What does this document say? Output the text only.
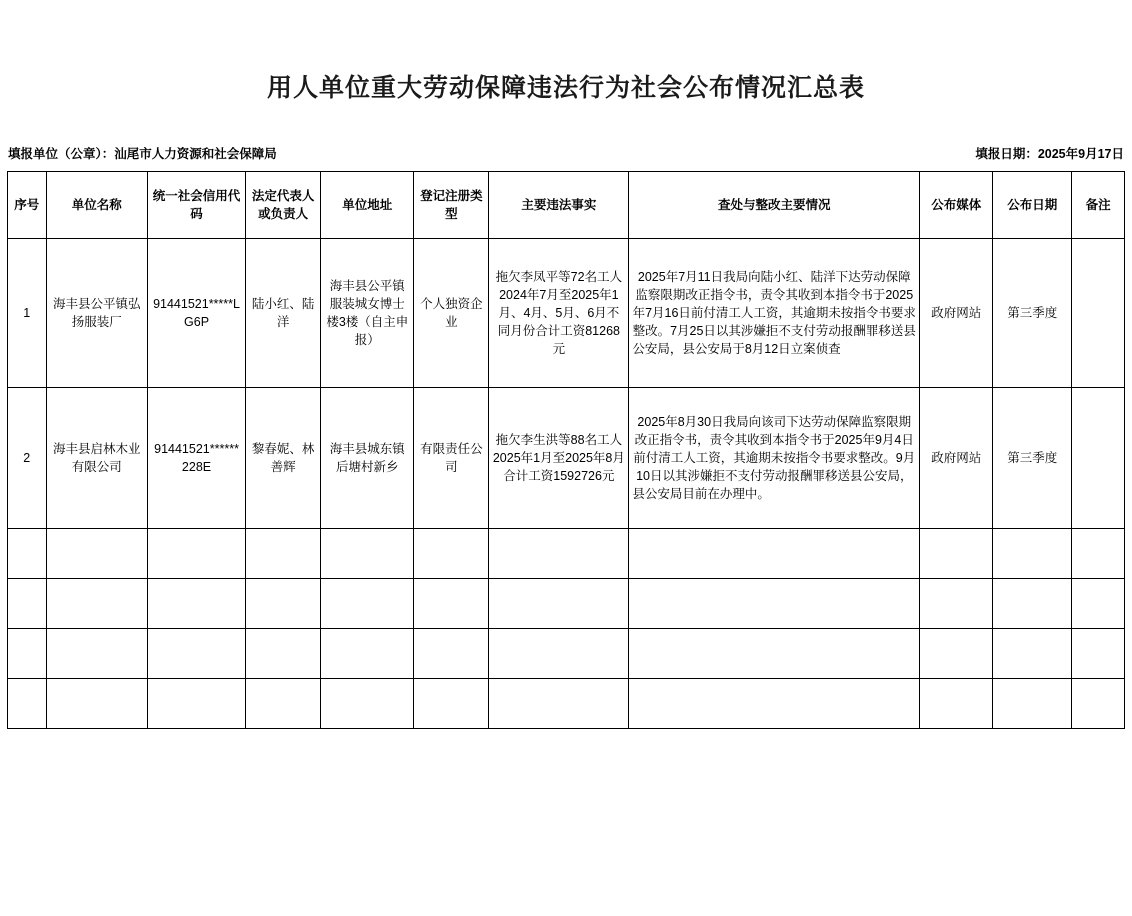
用人单位重大劳动保障违法行为社会公布情况汇总表
填报单位（公章）：汕尾市人力资源和社会保障局	填报日期：2025年9月17日
序号	单位名称	统一社会信用代码	法定代表人或负责人	单位地址	登记注册类型	主要违法事实	查处与整改主要情况	公布媒体	公布日期	备注
1	海丰县公平镇弘扬服装厂	91441521*****LG6P	陆小红、陆洋	海丰县公平镇服装城女博士楼3楼（自主申报）	个人独资企业	拖欠李凤平等72名工人2024年7月至2025年1月、4月、5月、6月不同月份合计工资81268元	2025年7月11日我局向陆小红、陆洋下达劳动保障监察限期改正指令书，责令其收到本指令书于2025年7月16日前付清工人工资，其逾期未按指令书要求整改。7月25日以其涉嫌拒不支付劳动报酬罪移送县公安局，县公安局于8月12日立案侦查	政府网站	第三季度	
2	海丰县启林木业有限公司	91441521******228E	黎春妮、林善辉	海丰县城东镇后塘村新乡	有限责任公司	拖欠李生洪等88名工人2025年1月至2025年8月合计工资1592726元	2025年8月30日我局向该司下达劳动保障监察限期改正指令书，责令其收到本指令书于2025年9月4日前付清工人工资，其逾期未按指令书要求整改。9月10日以其涉嫌拒不支付劳动报酬罪移送县公安局，县公安局目前在办理中。	政府网站	第三季度	
